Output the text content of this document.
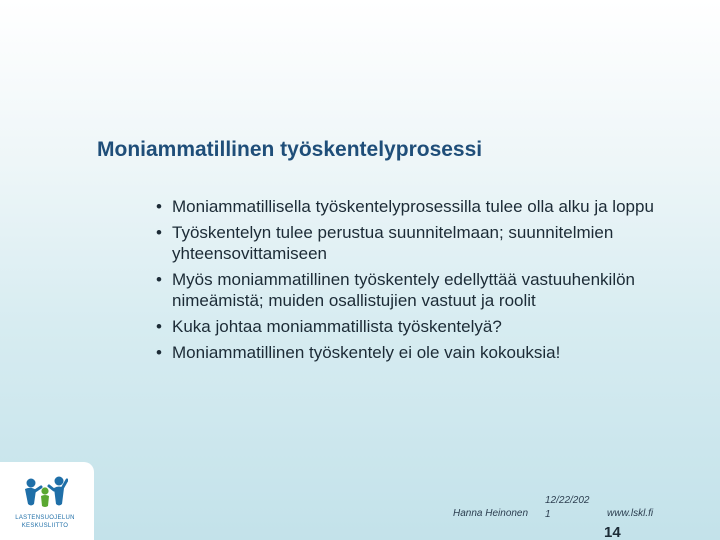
Moniammatillinen työskentelyprosessi
• Moniammatillisella työskentelyprosessilla tulee olla alku ja loppu
• Työskentelyn tulee perustua suunnitelmaan; suunnitelmien yhteensovittamiseen
• Myös moniammatillinen työskentely edellyttää vastuuhenkilön nimeämistä; muiden osallistujien vastuut ja roolit
• Kuka johtaa moniammatillista työskentelyä?
• Moniammatillinen työskentely ei ole vain kokouksia!
LASTENSUOJELUN
KESKUSLIITTO
Hanna Heinonen
12/22/202
1	www.lskl.fi
14
